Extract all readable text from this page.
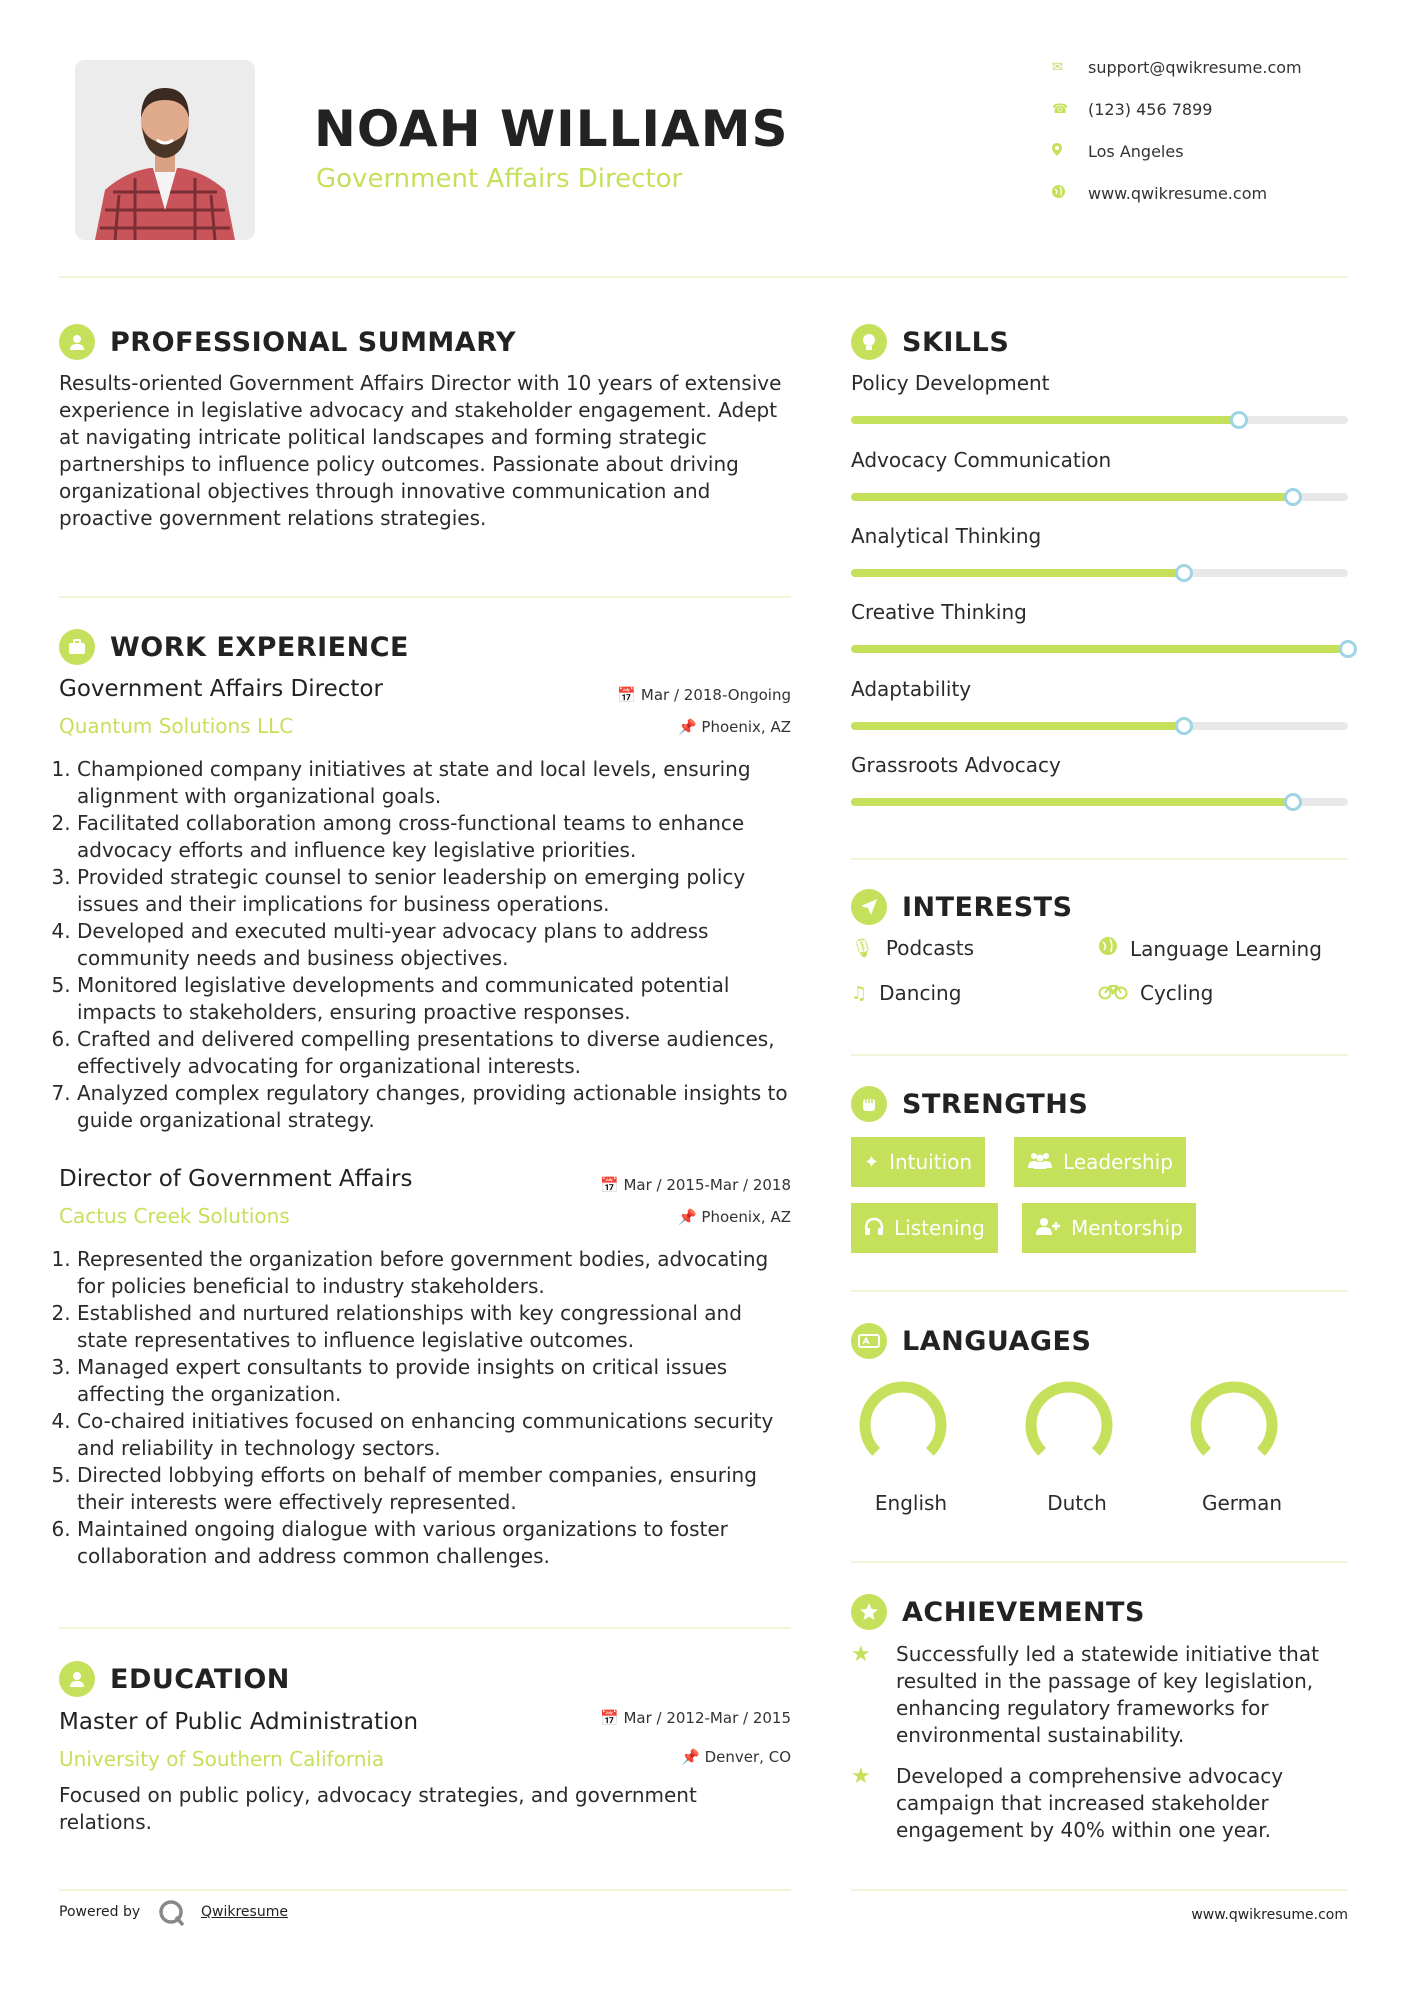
NOAH WILLIAMS
Government Affairs Director
✉	support@qwikresume.com
☎	(123) 456 7899
Los Angeles
www.qwikresume.com
PROFESSIONAL SUMMARY
Results-oriented Government Affairs Director with 10 years of extensive experience in legislative advocacy and stakeholder engagement. Adept at navigating intricate political landscapes and forming strategic partnerships to influence policy outcomes. Passionate about driving organizational objectives through innovative communication and proactive government relations strategies.
WORK EXPERIENCE
Government Affairs Director	📅 Mar / 2018-Ongoing
Quantum Solutions LLC	📌 Phoenix, AZ
1. Championed company initiatives at state and local levels, ensuring alignment with organizational goals.
2. Facilitated collaboration among cross-functional teams to enhance advocacy efforts and influence key legislative priorities.
3. Provided strategic counsel to senior leadership on emerging policy issues and their implications for business operations.
4. Developed and executed multi-year advocacy plans to address community needs and business objectives.
5. Monitored legislative developments and communicated potential impacts to stakeholders, ensuring proactive responses.
6. Crafted and delivered compelling presentations to diverse audiences, effectively advocating for organizational interests.
7. Analyzed complex regulatory changes, providing actionable insights to guide organizational strategy.
Director of Government Affairs	📅 Mar / 2015-Mar / 2018
Cactus Creek Solutions	📌 Phoenix, AZ
1. Represented the organization before government bodies, advocating for policies beneficial to industry stakeholders.
2. Established and nurtured relationships with key congressional and state representatives to influence legislative outcomes.
3. Managed expert consultants to provide insights on critical issues affecting the organization.
4. Co-chaired initiatives focused on enhancing communications security and reliability in technology sectors.
5. Directed lobbying efforts on behalf of member companies, ensuring their interests were effectively represented.
6. Maintained ongoing dialogue with various organizations to foster collaboration and address common challenges.
EDUCATION
Master of Public Administration	📅 Mar / 2012-Mar / 2015
University of Southern California	📌 Denver, CO
Focused on public policy, advocacy strategies, and government relations.
SKILLS
Policy Development
Advocacy Communication
Analytical Thinking
Creative Thinking
Adaptability
Grassroots Advocacy
INTERESTS
🎙 Podcasts	Language Learning
♫ Dancing	Cycling
STRENGTHS
✦ Intuition	Leadership
Listening	Mentorship
LANGUAGES
English	Dutch	German
ACHIEVEMENTS
★	Successfully led a statewide initiative that resulted in the passage of key legislation, enhancing regulatory frameworks for environmental sustainability.
★	Developed a comprehensive advocacy campaign that increased stakeholder engagement by 40% within one year.
Powered by	Qwikresume	www.qwikresume.com
